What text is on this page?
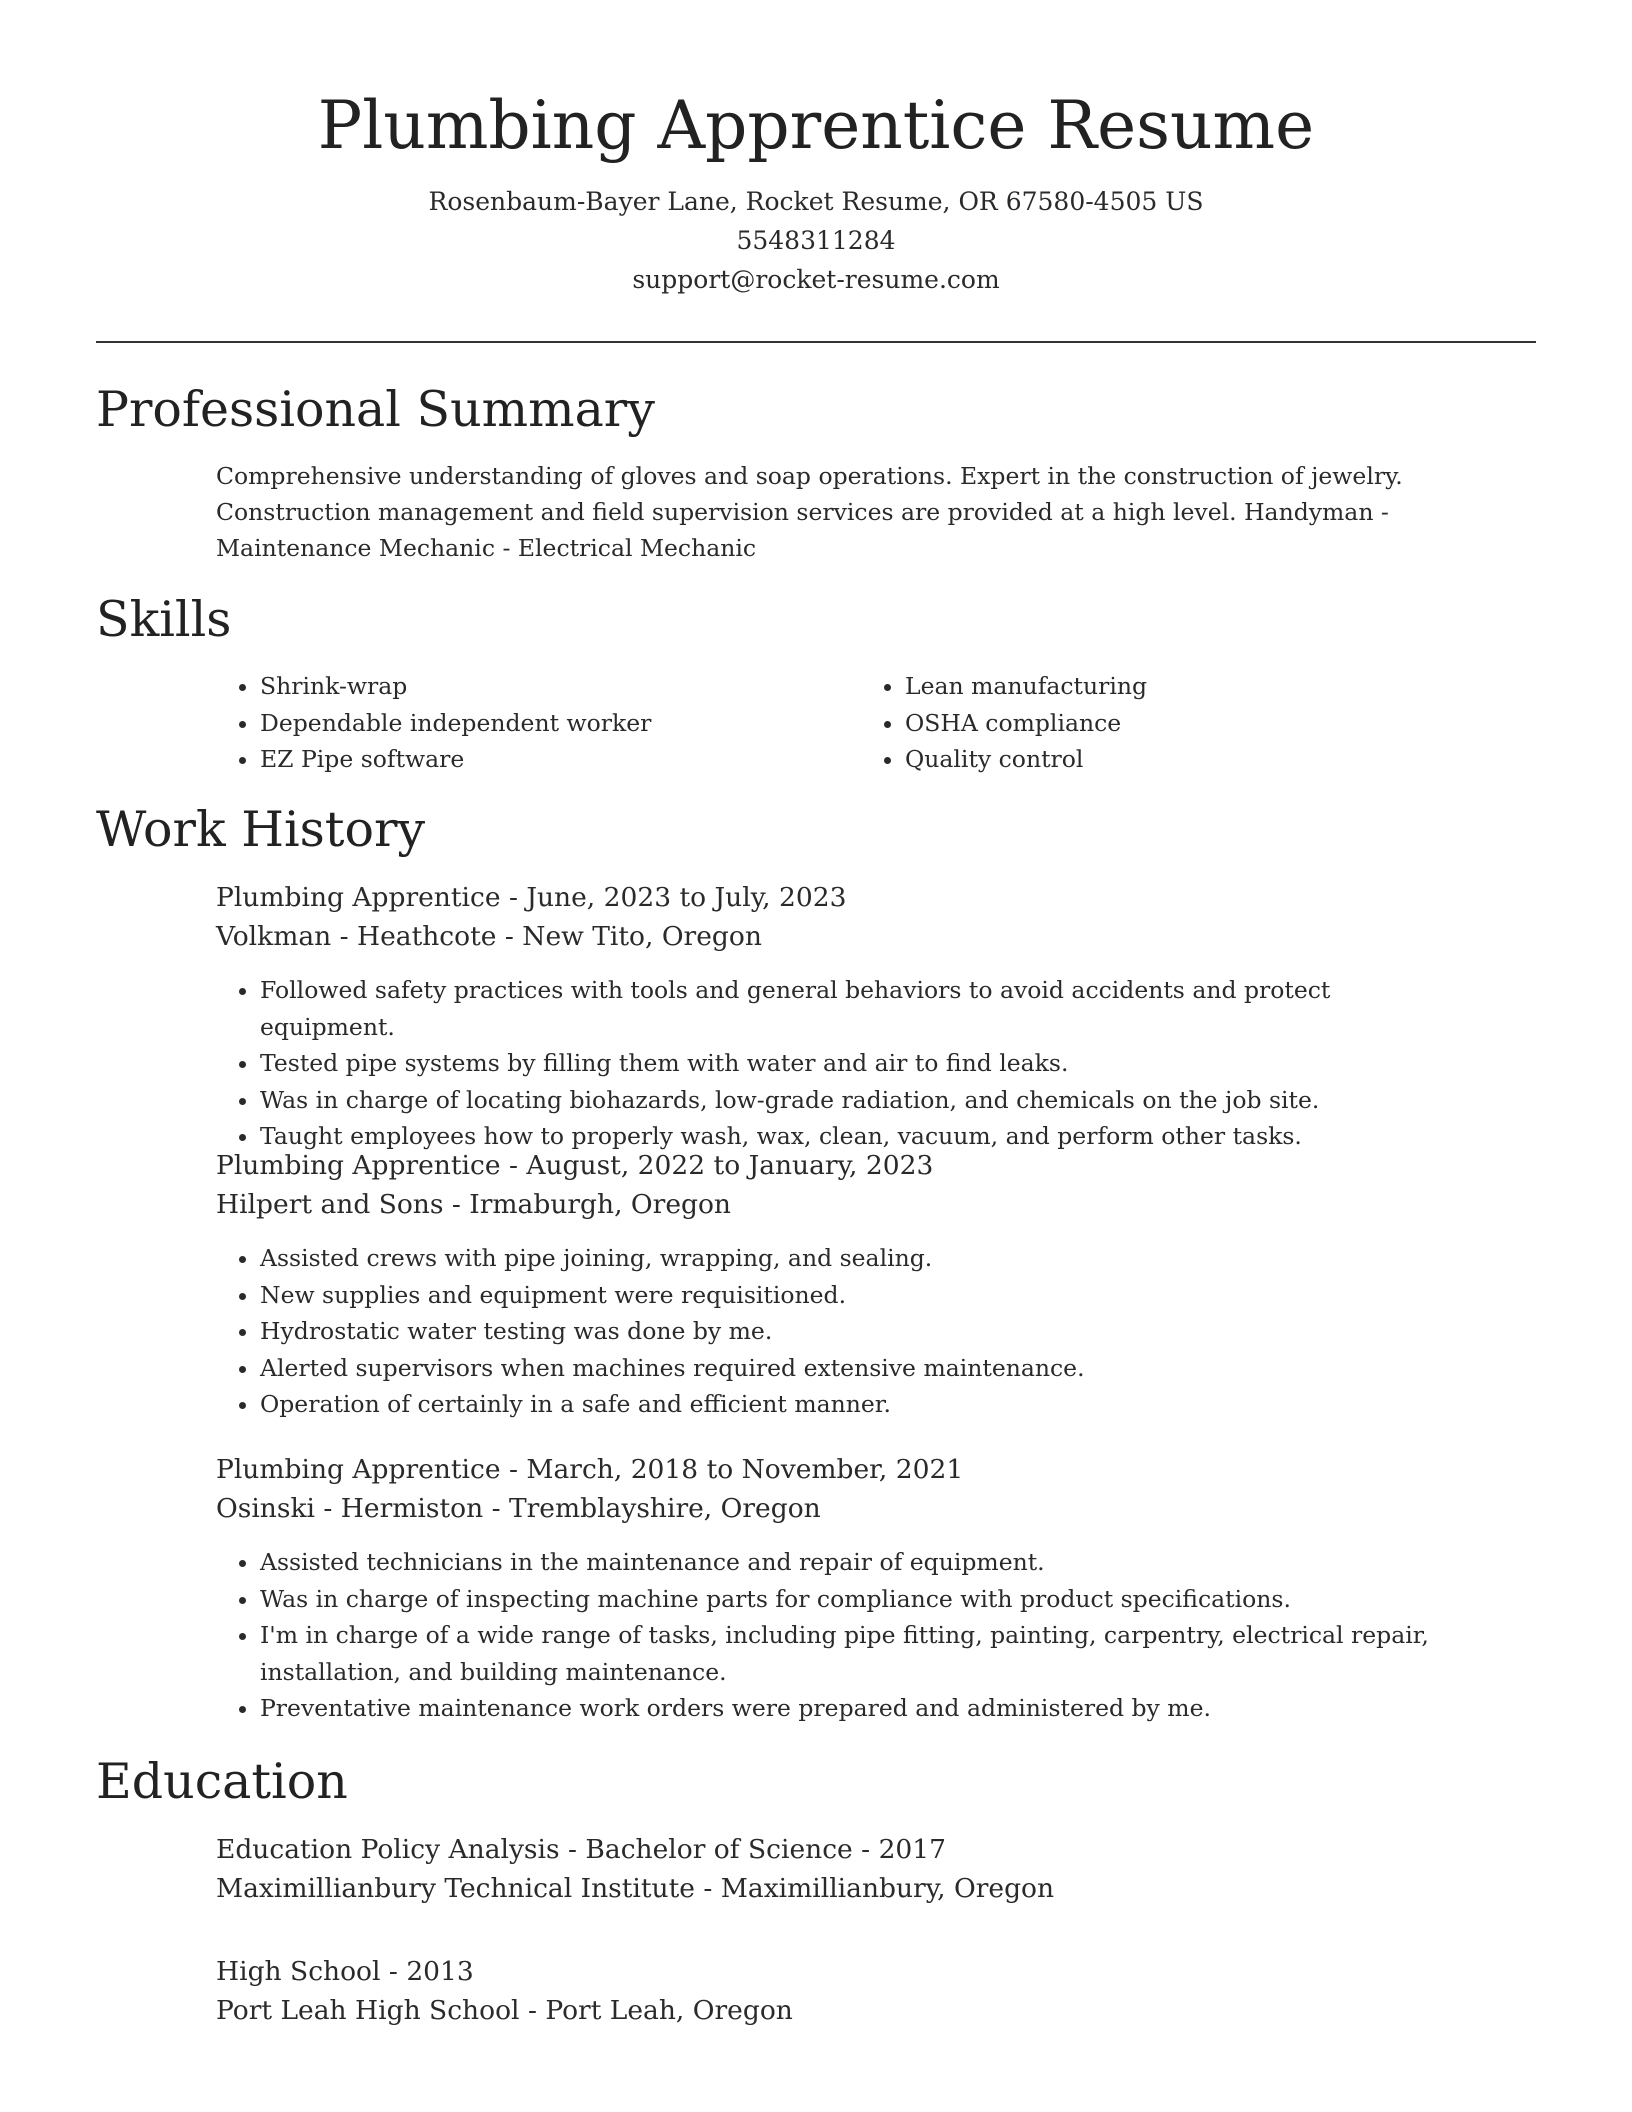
Plumbing Apprentice Resume
Rosenbaum-Bayer Lane, Rocket Resume, OR 67580-4505 US
5548311284
support@rocket-resume.com
Professional Summary

Comprehensive understanding of gloves and soap operations. Expert in the construction of jewelry.
Construction management and field supervision services are provided at a high level. Handyman -
Maintenance Mechanic - Electrical Mechanic

Skills
• Shrink-wrap
• Dependable independent worker
• EZ Pipe software
• Lean manufacturing
• OSHA compliance
• Quality control
Work History
Plumbing Apprentice - June, 2023 to July, 2023
Volkman - Heathcote - New Tito, Oregon
• Followed safety practices with tools and general behaviors to avoid accidents and protect equipment.
• Tested pipe systems by filling them with water and air to find leaks.
• Was in charge of locating biohazards, low-grade radiation, and chemicals on the job site.
• Taught employees how to properly wash, wax, clean, vacuum, and perform other tasks.
Plumbing Apprentice - August, 2022 to January, 2023
Hilpert and Sons - Irmaburgh, Oregon
• Assisted crews with pipe joining, wrapping, and sealing.
• New supplies and equipment were requisitioned.
• Hydrostatic water testing was done by me.
• Alerted supervisors when machines required extensive maintenance.
• Operation of certainly in a safe and efficient manner.
Plumbing Apprentice - March, 2018 to November, 2021
Osinski - Hermiston - Tremblayshire, Oregon
• Assisted technicians in the maintenance and repair of equipment.
• Was in charge of inspecting machine parts for compliance with product specifications.
• I'm in charge of a wide range of tasks, including pipe fitting, painting, carpentry, electrical repair, installation, and building maintenance.
• Preventative maintenance work orders were prepared and administered by me.
Education
Education Policy Analysis - Bachelor of Science - 2017
Maximillianbury Technical Institute - Maximillianbury, Oregon
High School - 2013
Port Leah High School - Port Leah, Oregon
